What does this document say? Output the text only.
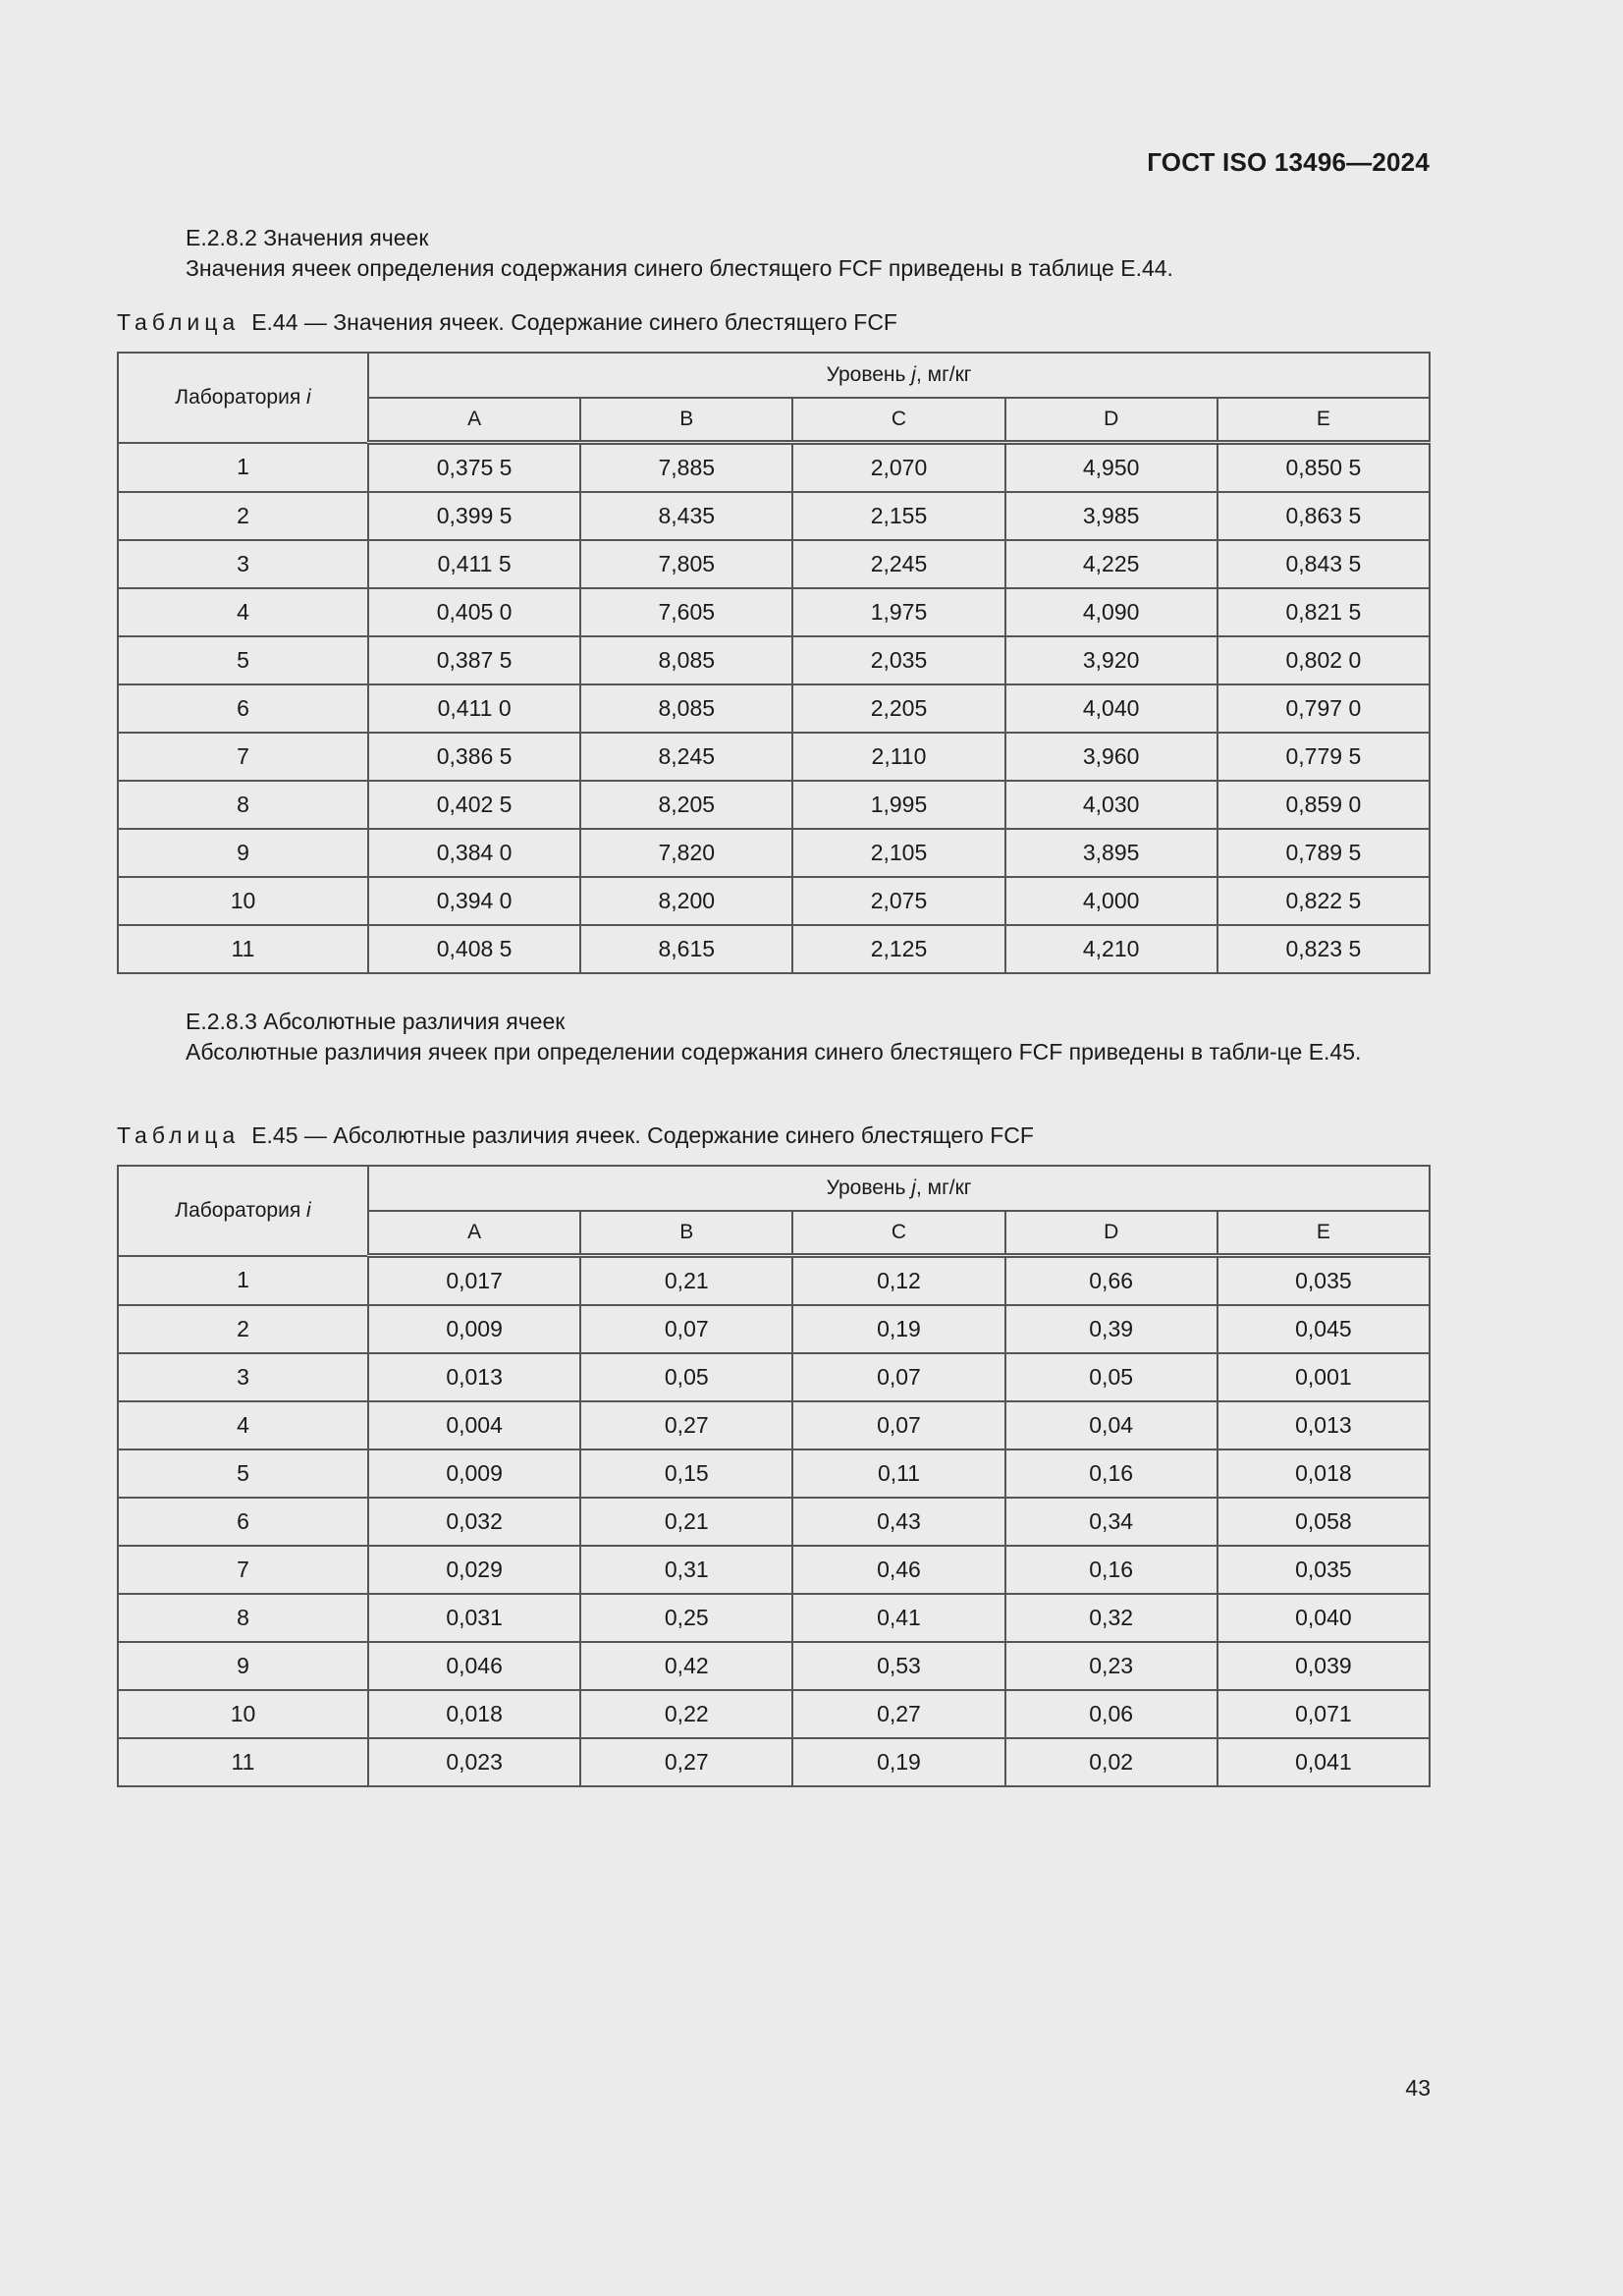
ГОСТ ISO 13496—2024
Е.2.8.2 Значения ячеек
Значения ячеек определения содержания синего блестящего FCF приведены в таблице Е.44.
Таблица Е.44 — Значения ячеек. Содержание синего блестящего FCF
Лаборатория i	Уровень j, мг/кг				
	A	B	C	D	E
1	0,375 5	7,885	2,070	4,950	0,850 5
2	0,399 5	8,435	2,155	3,985	0,863 5
3	0,411 5	7,805	2,245	4,225	0,843 5
4	0,405 0	7,605	1,975	4,090	0,821 5
5	0,387 5	8,085	2,035	3,920	0,802 0
6	0,411 0	8,085	2,205	4,040	0,797 0
7	0,386 5	8,245	2,110	3,960	0,779 5
8	0,402 5	8,205	1,995	4,030	0,859 0
9	0,384 0	7,820	2,105	3,895	0,789 5
10	0,394 0	8,200	2,075	4,000	0,822 5
11	0,408 5	8,615	2,125	4,210	0,823 5
Е.2.8.3 Абсолютные различия ячеек
Абсолютные различия ячеек при определении содержания синего блестящего FCF приведены в табли-це Е.45.
Таблица Е.45 — Абсолютные различия ячеек. Содержание синего блестящего FCF
Лаборатория i	Уровень j, мг/кг				
	A	B	C	D	E
1	0,017	0,21	0,12	0,66	0,035
2	0,009	0,07	0,19	0,39	0,045
3	0,013	0,05	0,07	0,05	0,001
4	0,004	0,27	0,07	0,04	0,013
5	0,009	0,15	0,11	0,16	0,018
6	0,032	0,21	0,43	0,34	0,058
7	0,029	0,31	0,46	0,16	0,035
8	0,031	0,25	0,41	0,32	0,040
9	0,046	0,42	0,53	0,23	0,039
10	0,018	0,22	0,27	0,06	0,071
11	0,023	0,27	0,19	0,02	0,041
43
